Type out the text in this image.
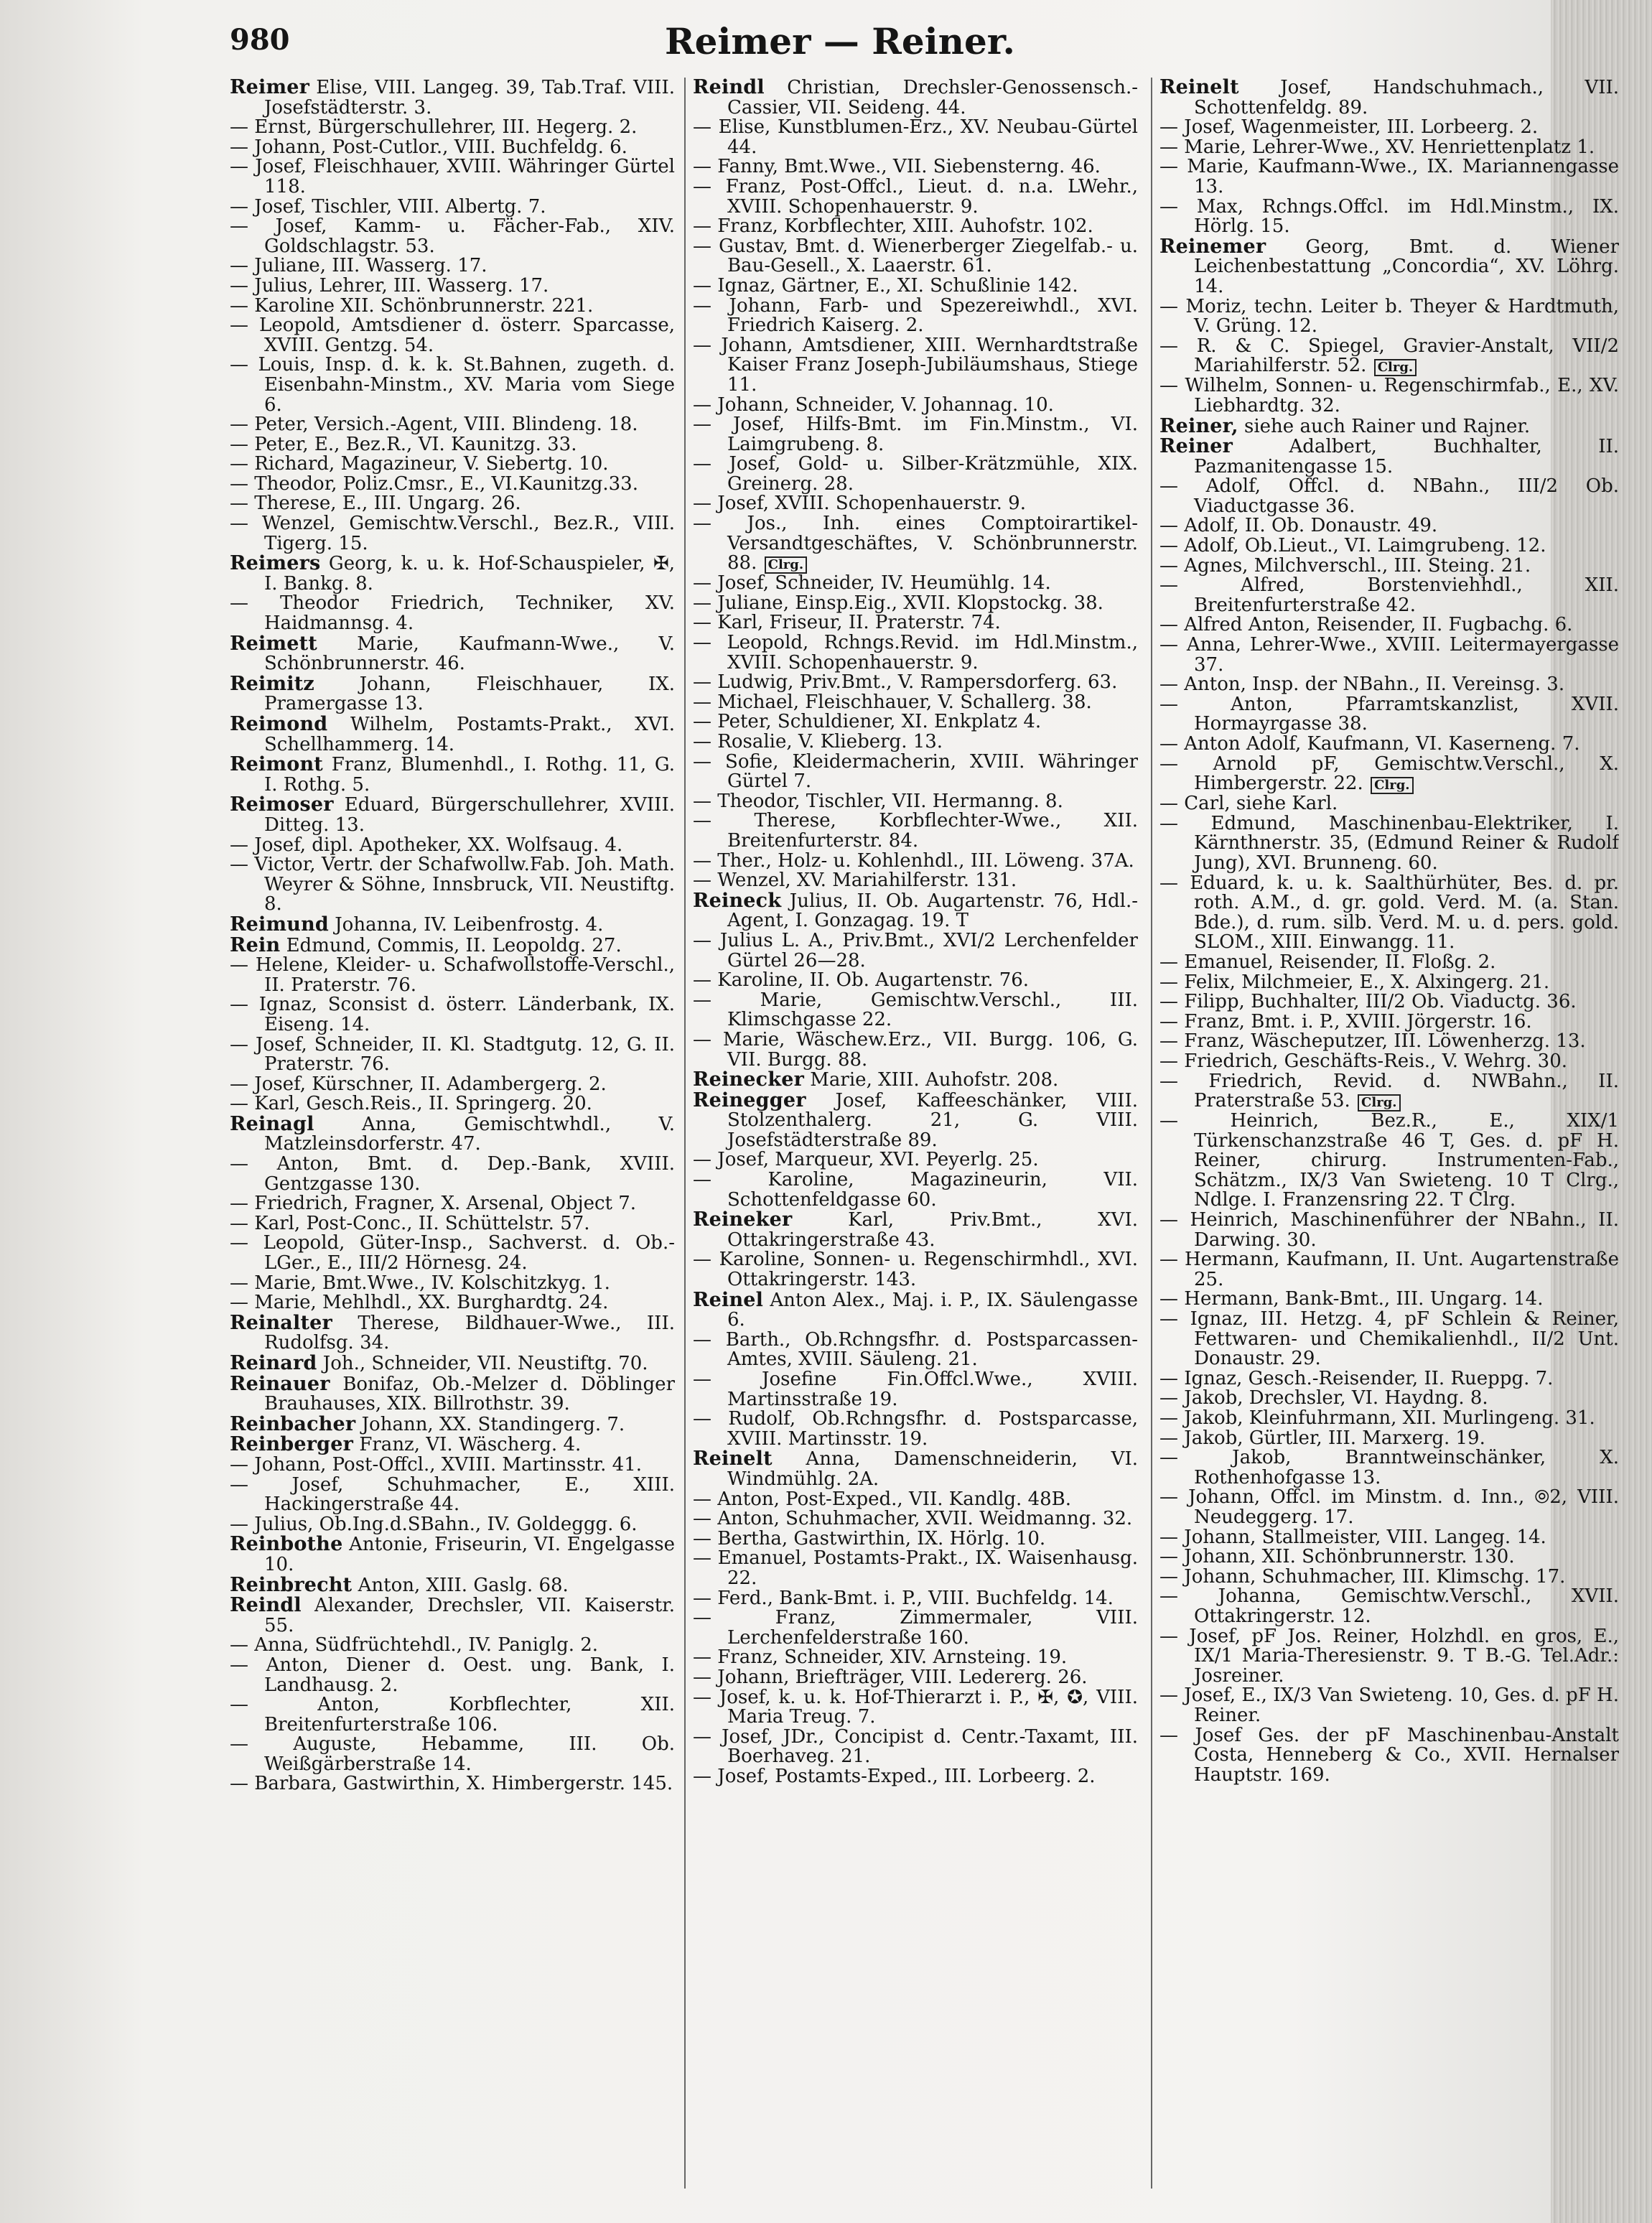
980	Reimer — Reiner.

Reimer Elise, VIII. Langeg. 39, Tab.Traf. VIII. Josefstädterstr. 3.

— Ernst, Bürgerschullehrer, III. Hegerg. 2.

— Johann, Post-Cutlor., VIII. Buchfeldg. 6.

— Josef, Fleischhauer, XVIII. Währinger Gürtel 118.

— Josef, Tischler, VIII. Albertg. 7.

— Josef, Kamm- u. Fächer-Fab., XIV. Goldschlagstr. 53.

— Juliane, III. Wasserg. 17.

— Julius, Lehrer, III. Wasserg. 17.

— Karoline XII. Schönbrunnerstr. 221.

— Leopold, Amtsdiener d. österr. Sparcasse, XVIII. Gentzg. 54.

— Louis, Insp. d. k. k. St.Bahnen, zugeth. d. Eisenbahn-Minstm., XV. Maria vom Siege 6.

— Peter, Versich.-Agent, VIII. Blindeng. 18.

— Peter, E., Bez.R., VI. Kaunitzg. 33.

— Richard, Magazineur, V. Siebertg. 10.

— Theodor, Poliz.Cmsr., E., VI.Kaunitzg.33.

— Therese, E., III. Ungarg. 26.

— Wenzel, Gemischtw.Verschl., Bez.R., VIII. Tigerg. 15.

Reimers Georg, k. u. k. Hof-Schauspieler, ✠, I. Bankg. 8.

— Theodor Friedrich, Techniker, XV. Haidmannsg. 4.

Reimett Marie, Kaufmann-Wwe., V. Schönbrunnerstr. 46.

Reimitz Johann, Fleischhauer, IX. Pramergasse 13.

Reimond Wilhelm, Postamts-Prakt., XVI. Schellhammerg. 14.

Reimont Franz, Blumenhdl., I. Rothg. 11, G. I. Rothg. 5.

Reimoser Eduard, Bürgerschullehrer, XVIII. Ditteg. 13.

— Josef, dipl. Apotheker, XX. Wolfsaug. 4.

— Victor, Vertr. der Schafwollw.Fab. Joh. Math. Weyrer & Söhne, Innsbruck, VII. Neustiftg. 8.

Reimund Johanna, IV. Leibenfrostg. 4.

Rein Edmund, Commis, II. Leopoldg. 27.

— Helene, Kleider- u. Schafwollstoffe-Verschl., II. Praterstr. 76.

— Ignaz, Sconsist d. österr. Länderbank, IX. Eiseng. 14.

— Josef, Schneider, II. Kl. Stadtgutg. 12, G. II. Praterstr. 76.

— Josef, Kürschner, II. Adambergerg. 2.

— Karl, Gesch.Reis., II. Springerg. 20.

Reinagl Anna, Gemischtwhdl., V. Matzleinsdorferstr. 47.

— Anton, Bmt. d. Dep.-Bank, XVIII. Gentzgasse 130.

— Friedrich, Fragner, X. Arsenal, Object 7.

— Karl, Post-Conc., II. Schüttelstr. 57.

— Leopold, Güter-Insp., Sachverst. d. Ob.-LGer., E., III/2 Hörnesg. 24.

— Marie, Bmt.Wwe., IV. Kolschitzkyg. 1.

— Marie, Mehlhdl., XX. Burghardtg. 24.

Reinalter Therese, Bildhauer-Wwe., III. Rudolfsg. 34.

Reinard Joh., Schneider, VII. Neustiftg. 70.

Reinauer Bonifaz, Ob.-Melzer d. Döblinger Brauhauses, XIX. Billrothstr. 39.

Reinbacher Johann, XX. Standingerg. 7.

Reinberger Franz, VI. Wäscherg. 4.

— Johann, Post-Offcl., XVIII. Martinsstr. 41.

— Josef, Schuhmacher, E., XIII. Hackingerstraße 44.

— Julius, Ob.Ing.d.SBahn., IV. Goldeggg. 6.

Reinbothe Antonie, Friseurin, VI. Engelgasse 10.

Reinbrecht Anton, XIII. Gaslg. 68.

Reindl Alexander, Drechsler, VII. Kaiserstr. 55.

— Anna, Südfrüchtehdl., IV. Paniglg. 2.

— Anton, Diener d. Oest. ung. Bank, I. Landhausg. 2.

— Anton, Korbflechter, XII. Breitenfurterstraße 106.

— Auguste, Hebamme, III. Ob. Weißgärberstraße 14.

— Barbara, Gastwirthin, X. Himbergerstr. 145.

Reindl Christian, Drechsler-Genossensch.-Cassier, VII. Seideng. 44.

— Elise, Kunstblumen-Erz., XV. Neubau-Gürtel 44.

— Fanny, Bmt.Wwe., VII. Siebensterng. 46.

— Franz, Post-Offcl., Lieut. d. n.a. LWehr., XVIII. Schopenhauerstr. 9.

— Franz, Korbflechter, XIII. Auhofstr. 102.

— Gustav, Bmt. d. Wienerberger Ziegelfab.- u. Bau-Gesell., X. Laaerstr. 61.

— Ignaz, Gärtner, E., XI. Schußlinie 142.

— Johann, Farb- und Spezereiwhdl., XVI. Friedrich Kaiserg. 2.

— Johann, Amtsdiener, XIII. Wernhardtstraße Kaiser Franz Joseph-Jubiläumshaus, Stiege 11.

— Johann, Schneider, V. Johannag. 10.

— Josef, Hilfs-Bmt. im Fin.Minstm., VI. Laimgrubeng. 8.

— Josef, Gold- u. Silber-Krätzmühle, XIX. Greinerg. 28.

— Josef, XVIII. Schopenhauerstr. 9.

— Jos., Inh. eines Comptoirartikel-Versandtgeschäftes, V. Schönbrunnerstr. 88. Clrg.

— Josef, Schneider, IV. Heumühlg. 14.

— Juliane, Einsp.Eig., XVII. Klopstockg. 38.

— Karl, Friseur, II. Praterstr. 74.

— Leopold, Rchngs.Revid. im Hdl.Minstm., XVIII. Schopenhauerstr. 9.

— Ludwig, Priv.Bmt., V. Rampersdorferg. 63.

— Michael, Fleischhauer, V. Schallerg. 38.

— Peter, Schuldiener, XI. Enkplatz 4.

— Rosalie, V. Klieberg. 13.

— Sofie, Kleidermacherin, XVIII. Währinger Gürtel 7.

— Theodor, Tischler, VII. Hermanng. 8.

— Therese, Korbflechter-Wwe., XII. Breitenfurterstr. 84.

— Ther., Holz- u. Kohlenhdl., III. Löweng. 37A.

— Wenzel, XV. Mariahilferstr. 131.

Reineck Julius, II. Ob. Augartenstr. 76, Hdl.-Agent, I. Gonzagag. 19. T

— Julius L. A., Priv.Bmt., XVI/2 Lerchenfelder Gürtel 26—28.

— Karoline, II. Ob. Augartenstr. 76.

— Marie, Gemischtw.Verschl., III. Klimschgasse 22.

— Marie, Wäschew.Erz., VII. Burgg. 106, G. VII. Burgg. 88.

Reinecker Marie, XIII. Auhofstr. 208.

Reinegger Josef, Kaffeeschänker, VIII. Stolzenthalerg. 21, G. VIII. Josefstädterstraße 89.

— Josef, Marqueur, XVI. Peyerlg. 25.

— Karoline, Magazineurin, VII. Schottenfeldgasse 60.

Reineker Karl, Priv.Bmt., XVI. Ottakringerstraße 43.

— Karoline, Sonnen- u. Regenschirmhdl., XVI. Ottakringerstr. 143.

Reinel Anton Alex., Maj. i. P., IX. Säulengasse 6.

— Barth., Ob.Rchngsfhr. d. Postsparcassen-Amtes, XVIII. Säuleng. 21.

— Josefine Fin.Offcl.Wwe., XVIII. Martinsstraße 19.

— Rudolf, Ob.Rchngsfhr. d. Postsparcasse, XVIII. Martinsstr. 19.

Reinelt Anna, Damenschneiderin, VI. Windmühlg. 2A.

— Anton, Post-Exped., VII. Kandlg. 48B.

— Anton, Schuhmacher, XVII. Weidmanng. 32.

— Bertha, Gastwirthin, IX. Hörlg. 10.

— Emanuel, Postamts-Prakt., IX. Waisenhausg. 22.

— Ferd., Bank-Bmt. i. P., VIII. Buchfeldg. 14.

— Franz, Zimmermaler, VIII. Lerchenfelderstraße 160.

— Franz, Schneider, XIV. Arnsteing. 19.

— Johann, Briefträger, VIII. Ledererg. 26.

— Josef, k. u. k. Hof-Thierarzt i. P., ✠, ✪, VIII. Maria Treug. 7.

— Josef, JDr., Concipist d. Centr.-Taxamt, III. Boerhaveg. 21.

— Josef, Postamts-Exped., III. Lorbeerg. 2.

Reinelt Josef, Handschuhmach., VII. Schottenfeldg. 89.

— Josef, Wagenmeister, III. Lorbeerg. 2.

— Marie, Lehrer-Wwe., XV. Henriettenplatz 1.

— Marie, Kaufmann-Wwe., IX. Mariannengasse 13.

— Max, Rchngs.Offcl. im Hdl.Minstm., IX. Hörlg. 15.

Reinemer Georg, Bmt. d. Wiener Leichenbestattung „Concordia“, XV. Löhrg. 14.

— Moriz, techn. Leiter b. Theyer & Hardtmuth, V. Grüng. 12.

— R. & C. Spiegel, Gravier-Anstalt, VII/2 Mariahilferstr. 52. Clrg.

— Wilhelm, Sonnen- u. Regenschirmfab., E., XV. Liebhardtg. 32.

Reiner, siehe auch Rainer und Rajner.

Reiner Adalbert, Buchhalter, II. Pazmanitengasse 15.

— Adolf, Offcl. d. NBahn., III/2 Ob. Viaductgasse 36.

— Adolf, II. Ob. Donaustr. 49.

— Adolf, Ob.Lieut., VI. Laimgrubeng. 12.

— Agnes, Milchverschl., III. Steing. 21.

— Alfred, Borstenviehhdl., XII. Breitenfurterstraße 42.

— Alfred Anton, Reisender, II. Fugbachg. 6.

— Anna, Lehrer-Wwe., XVIII. Leitermayergasse 37.

— Anton, Insp. der NBahn., II. Vereinsg. 3.

— Anton, Pfarramtskanzlist, XVII. Hormayrgasse 38.

— Anton Adolf, Kaufmann, VI. Kaserneng. 7.

— Arnold pF, Gemischtw.Verschl., X. Himbergerstr. 22. Clrg.

— Carl, siehe Karl.

— Edmund, Maschinenbau-Elektriker, I. Kärnthnerstr. 35, (Edmund Reiner & Rudolf Jung), XVI. Brunneng. 60.

— Eduard, k. u. k. Saalthürhüter, Bes. d. pr. roth. A.M., d. gr. gold. Verd. M. (a. Stan. Bde.), d. rum. silb. Verd. M. u. d. pers. gold. SLOM., XIII. Einwangg. 11.

— Emanuel, Reisender, II. Floßg. 2.

— Felix, Milchmeier, E., X. Alxingerg. 21.

— Filipp, Buchhalter, III/2 Ob. Viaductg. 36.

— Franz, Bmt. i. P., XVIII. Jörgerstr. 16.

— Franz, Wäscheputzer, III. Löwenherzg. 13.

— Friedrich, Geschäfts-Reis., V. Wehrg. 30.

— Friedrich, Revid. d. NWBahn., II. Praterstraße 53. Clrg.

— Heinrich, Bez.R., E., XIX/1 Türkenschanzstraße 46 T, Ges. d. pF H. Reiner, chirurg. Instrumenten-Fab., Schätzm., IX/3 Van Swieteng. 10 T Clrg., Ndlge. I. Franzensring 22. T Clrg.

— Heinrich, Maschinenführer der NBahn., II. Darwing. 30.

— Hermann, Kaufmann, II. Unt. Augartenstraße 25.

— Hermann, Bank-Bmt., III. Ungarg. 14.

— Ignaz, III. Hetzg. 4, pF Schlein & Reiner, Fettwaren- und Chemikalienhdl., II/2 Unt. Donaustr. 29.

— Ignaz, Gesch.-Reisender, II. Rueppg. 7.

— Jakob, Drechsler, VI. Haydng. 8.

— Jakob, Kleinfuhrmann, XII. Murlingeng. 31.

— Jakob, Gürtler, III. Marxerg. 19.

— Jakob, Branntweinschänker, X. Rothenhofgasse 13.

— Johann, Offcl. im Minstm. d. Inn., ⦾2, VIII. Neudeggerg. 17.

— Johann, Stallmeister, VIII. Langeg. 14.

— Johann, XII. Schönbrunnerstr. 130.

— Johann, Schuhmacher, III. Klimschg. 17.

— Johanna, Gemischtw.Verschl., XVII. Ottakringerstr. 12.

— Josef, pF Jos. Reiner, Holzhdl. en gros, E., IX/1 Maria-Theresienstr. 9. T B.-G. Tel.Adr.: Josreiner.

— Josef, E., IX/3 Van Swieteng. 10, Ges. d. pF H. Reiner.

— Josef Ges. der pF Maschinenbau-Anstalt Costa, Henneberg & Co., XVII. Hernalser Hauptstr. 169.
